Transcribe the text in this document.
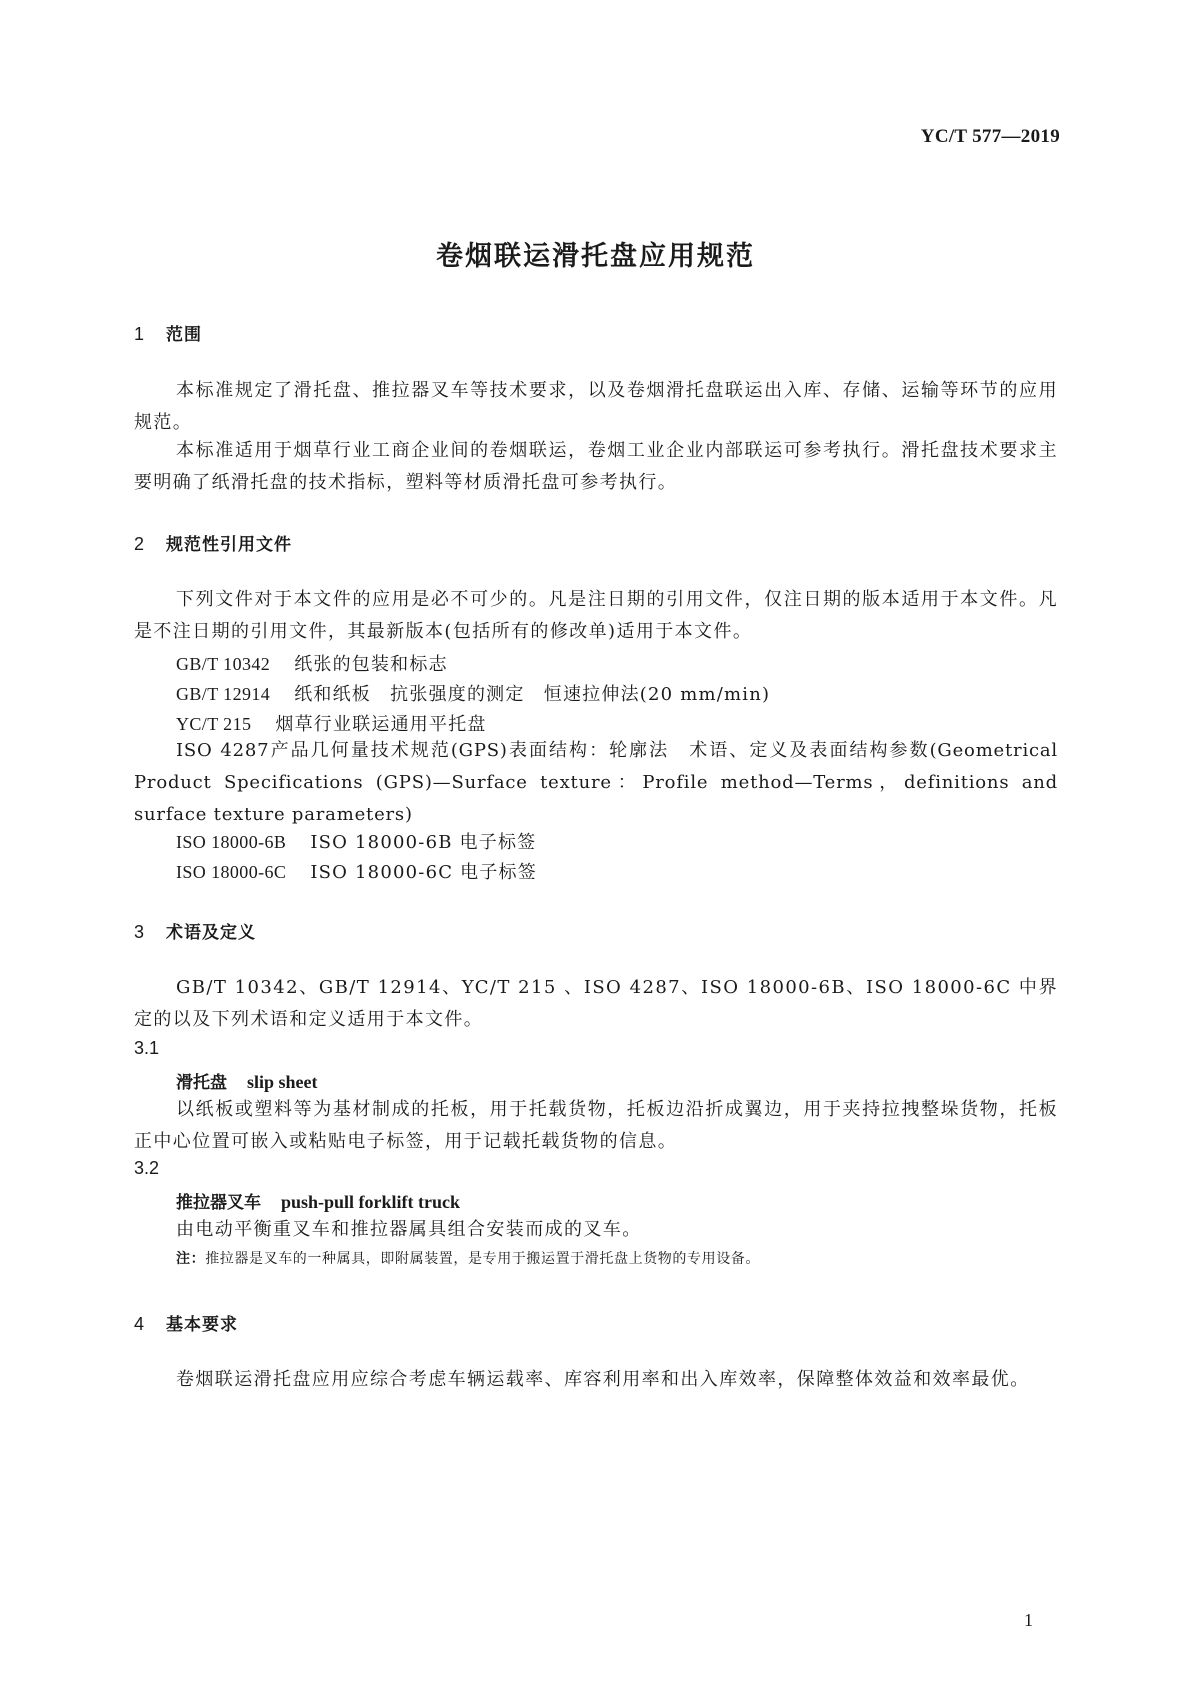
YC/T 577—2019
卷烟联运滑托盘应用规范
1 范围
本标准规定了滑托盘、推拉器叉车等技术要求，以及卷烟滑托盘联运出入库、存储、运输等环节的应用规范。
本标准适用于烟草行业工商企业间的卷烟联运，卷烟工业企业内部联运可参考执行。滑托盘技术要求主要明确了纸滑托盘的技术指标，塑料等材质滑托盘可参考执行。
2 规范性引用文件
下列文件对于本文件的应用是必不可少的。凡是注日期的引用文件，仅注日期的版本适用于本文件。凡是不注日期的引用文件，其最新版本(包括所有的修改单)适用于本文件。
GB/T 10342 纸张的包装和标志
GB/T 12914 纸和纸板　抗张强度的测定　恒速拉伸法(20 mm/min)
YC/T 215 烟草行业联运通用平托盘
ISO 4287产品几何量技术规范(GPS)表面结构：轮廓法　术语、定义及表面结构参数(Geometrical Product Specifications (GPS)—Surface texture：Profile method—Terms，definitions and surface texture parameters)
ISO 18000-6B ISO 18000-6B 电子标签
ISO 18000-6C ISO 18000-6C 电子标签
3 术语及定义
GB/T 10342、GB/T 12914、YC/T 215 、ISO 4287、ISO 18000-6B、ISO 18000-6C 中界定的以及下列术语和定义适用于本文件。
3.1
滑托盘 slip sheet
以纸板或塑料等为基材制成的托板，用于托载货物，托板边沿折成翼边，用于夹持拉拽整垛货物，托板正中心位置可嵌入或粘贴电子标签，用于记载托载货物的信息。
3.2
推拉器叉车 push-pull forklift truck
由电动平衡重叉车和推拉器属具组合安装而成的叉车。
注：推拉器是叉车的一种属具，即附属装置，是专用于搬运置于滑托盘上货物的专用设备。
4 基本要求
卷烟联运滑托盘应用应综合考虑车辆运载率、库容利用率和出入库效率，保障整体效益和效率最优。
1
